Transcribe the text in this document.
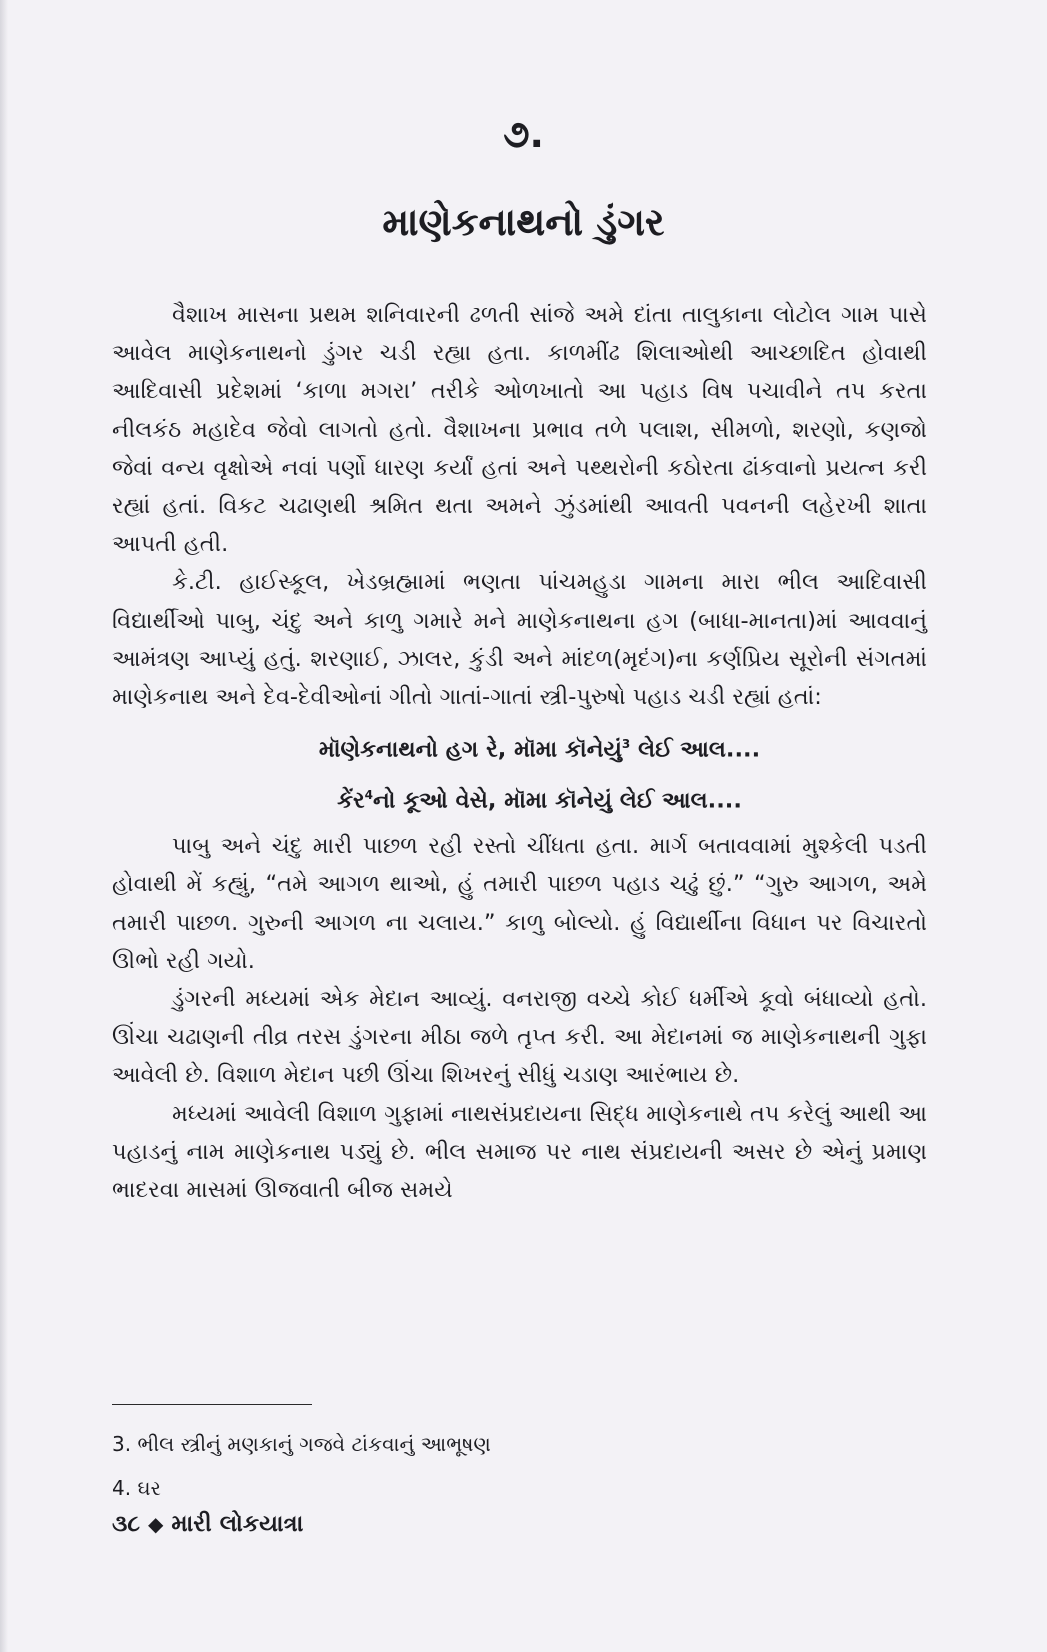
૭.
માણેકનાથનો ડુંગર

વૈશાખ માસના પ્રથમ શનિવારની ઢળતી સાંજે અમે દાંતા તાલુકાના લોટોલ ગામ પાસે આવેલ માણેકનાથનો ડુંગર ચડી રહ્યા હતા. કાળમીંઢ શિલાઓથી આચ્છાદિત હોવાથી આદિવાસી પ્રદેશમાં ‘કાળા મગરા’ તરીકે ઓળખાતો આ પહાડ વિષ પચાવીને તપ કરતા નીલકંઠ મહાદેવ જેવો લાગતો હતો. વૈશાખના પ્રભાવ તળે પલાશ, સીમળો, શરણો, કણજો જેવાં વન્ય વૃક્ષોએ નવાં પર્ણો ધારણ કર્યાં હતાં અને પથ્થરોની કઠોરતા ઢાંકવાનો પ્રયત્ન કરી રહ્યાં હતાં. વિકટ ચઢાણથી શ્રમિત થતા અમને ઝુંડમાંથી આવતી પવનની લહેરખી શાતા આપતી હતી.

કે.ટી. હાઈસ્કૂલ, ખેડબ્રહ્મામાં ભણતા પાંચમહુડા ગામના મારા ભીલ આદિવાસી વિદ્યાર્થીઓ પાબુ, ચંદુ અને કાળુ ગમારે મને માણેકનાથના હગ (બાધા-માનતા)માં આવવાનું આમંત્રણ આપ્યું હતું. શરણાઈ, ઝાલર, કુંડી અને માંદળ(મૃદંગ)ના કર્ણપ્રિય સૂરોની સંગતમાં માણેકનાથ અને દેવ-દેવીઓનાં ગીતો ગાતાં-ગાતાં સ્ત્રી-પુરુષો પહાડ ચડી રહ્યાં હતાં:

મૉણેકનાથનો હગ રે, મૉમા કૉનેયું$^3$ લેઈ આલ....
કેંર$^4$નો કૂઓ વેસે, મૉમા કૉનેયું લેઈ આલ....

પાબુ અને ચંદુ મારી પાછળ રહી રસ્તો ચીંધતા હતા. માર્ગ બતાવવામાં મુશ્કેલી પડતી હોવાથી મેં કહ્યું, “તમે આગળ થાઓ, હું તમારી પાછળ પહાડ ચઢું છું.” “ગુરુ આગળ, અમે તમારી પાછળ. ગુરુની આગળ ના ચલાય.” કાળુ બોલ્યો. હું વિદ્યાર્થીના વિધાન પર વિચારતો ઊભો રહી ગયો.

ડુંગરની મધ્યમાં એક મેદાન આવ્યું. વનરાજી વચ્ચે કોઈ ધર્મીએ કૂવો બંધાવ્યો હતો. ઊંચા ચઢાણની તીવ્ર તરસ ડુંગરના મીઠા જળે તૃપ્ત કરી. આ મેદાનમાં જ માણેકનાથની ગુફા આવેલી છે. વિશાળ મેદાન પછી ઊંચા શિખરનું સીધું ચડાણ આરંભાય છે.

મધ્યમાં આવેલી વિશાળ ગુફામાં નાથસંપ્રદાયના સિદ્ધ માણેકનાથે તપ કરેલું આથી આ પહાડનું નામ માણેકનાથ પડ્યું છે. ભીલ સમાજ પર નાથ સંપ્રદાયની અસર છે એનું પ્રમાણ ભાદરવા માસમાં ઊજવાતી બીજ સમયે

3. ભીલ સ્ત્રીનું મણકાનું ગજવે ટાંકવાનું આભૂષણ
4. ઘર
૩૮ ◆ મારી લોકયાત્રા
